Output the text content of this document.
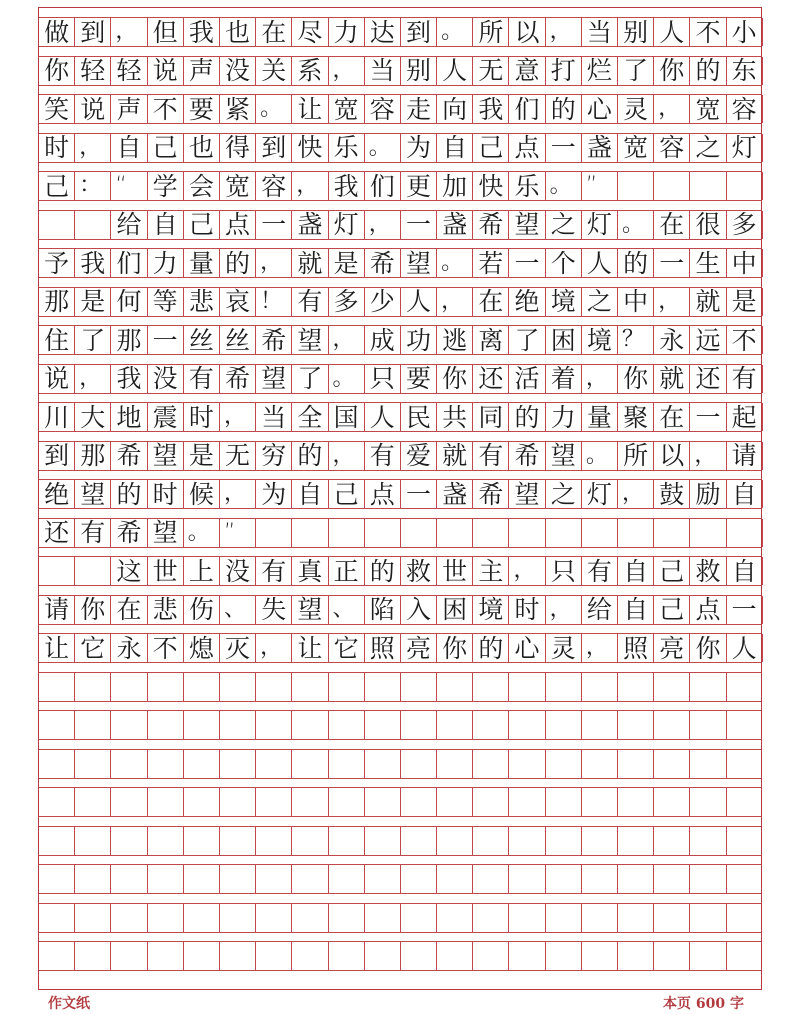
做 到 ， 但 我 也 在 尽 力 达 到 。 所 以 ， 当 别 人 不 小
你 轻 轻 说 声 没 关 系 ， 当 别 人 无 意 打 烂 了 你 的 东
笑 说 声 不 要 紧 。 让 宽 容 走 向 我 们 的 心 灵 ， 宽 容
时 ， 自 己 也 得 到 快 乐 。 为 自 己 点 一 盏 宽 容 之 灯
己 ： “	学 会 宽 容 ， 我 们 更 加 快 乐 。 ”
给 自 己 点 一 盏 灯 ， 一 盏 希 望 之 灯 。 在 很 多
予 我 们 力 量 的 ， 就 是 希 望 。 若 一 个 人 的 一 生 中
那 是 何 等 悲 哀 ！ 有 多 少 人 ， 在 绝 境 之 中 ， 就 是
住 了 那 一 丝 丝 希 望 ， 成 功 逃 离 了 困 境 ？ 永 远 不
说 ， 我 没 有 希 望 了 。 只 要 你 还 活 着 ， 你 就 还 有
川 大 地 震 时 ， 当 全 国 人 民 共 同 的 力 量 聚 在 一 起
到 那 希 望 是 无 穷 的 ， 有 爱 就 有 希 望 。 所 以 ， 请
绝 望 的 时 候 ， 为 自 己 点 一 盏 希 望 之 灯 ， 鼓 励 自
还 有 希 望 。 ”
这 世 上 没 有 真 正 的 救 世 主 ， 只 有 自 己 救 自
请 你 在 悲 伤 、 失 望 、 陷 入 困 境 时 ， 给 自 己 点 一
让 它 永 不 熄 灭 ， 让 它 照 亮 你 的 心 灵 ， 照 亮 你 人
作文纸	本页 600 字
